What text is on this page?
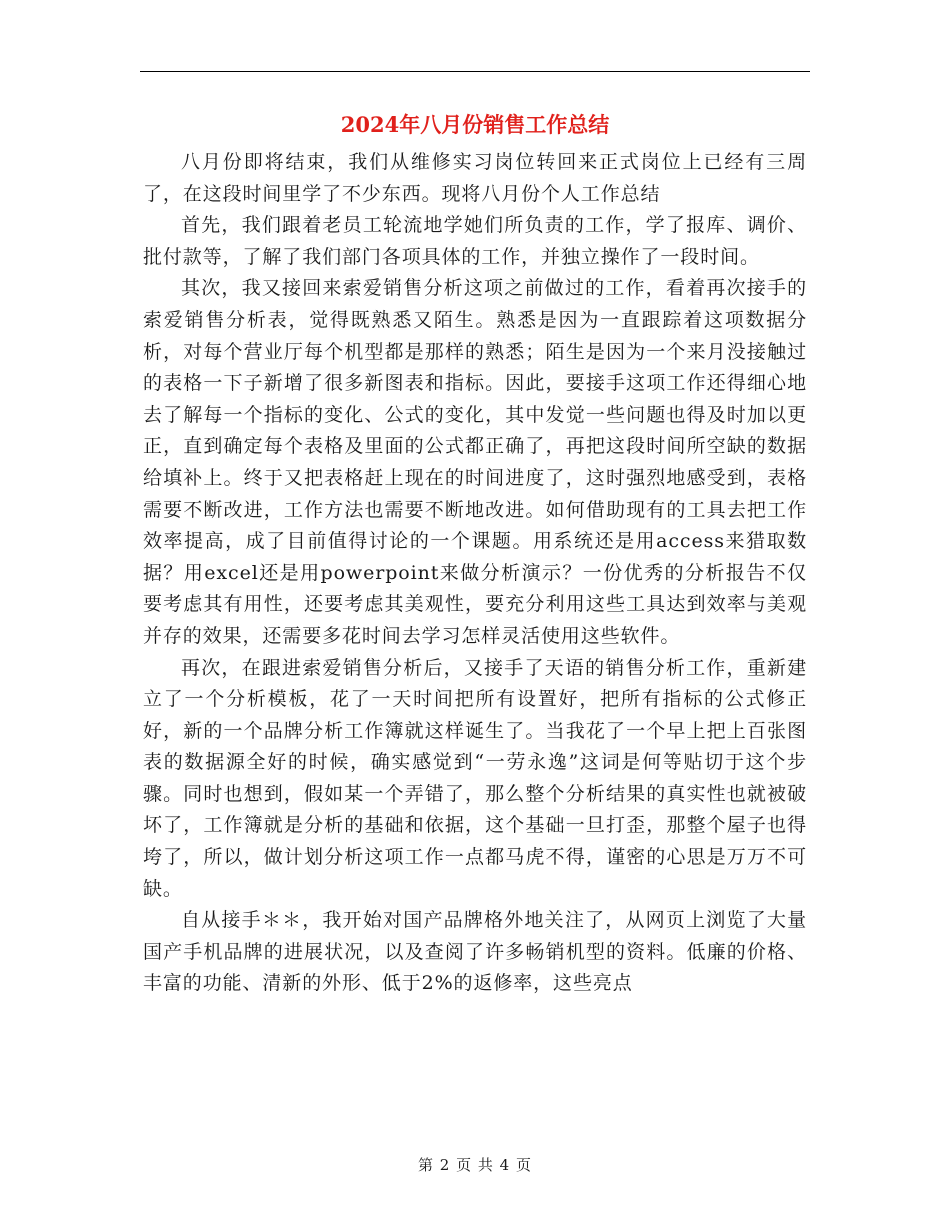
2024年八月份销售工作总结

八月份即将结束，我们从维修实习岗位转回来正式岗位上已经有三周了，在这段时间里学了不少东西。现将八月份个人工作总结

首先，我们跟着老员工轮流地学她们所负责的工作，学了报库、调价、批付款等，了解了我们部门各项具体的工作，并独立操作了一段时间。

其次，我又接回来索爱销售分析这项之前做过的工作，看着再次接手的索爱销售分析表，觉得既熟悉又陌生。熟悉是因为一直跟踪着这项数据分析，对每个营业厅每个机型都是那样的熟悉；陌生是因为一个来月没接触过的表格一下子新增了很多新图表和指标。因此，要接手这项工作还得细心地去了解每一个指标的变化、公式的变化，其中发觉一些问题也得及时加以更正，直到确定每个表格及里面的公式都正确了，再把这段时间所空缺的数据给填补上。终于又把表格赶上现在的时间进度了，这时强烈地感受到，表格需要不断改进，工作方法也需要不断地改进。如何借助现有的工具去把工作效率提高，成了目前值得讨论的一个课题。用系统还是用access来猎取数据？用excel还是用powerpoint来做分析演示？一份优秀的分析报告不仅要考虑其有用性，还要考虑其美观性，要充分利用这些工具达到效率与美观并存的效果，还需要多花时间去学习怎样灵活使用这些软件。

再次，在跟进索爱销售分析后，又接手了天语的销售分析工作，重新建立了一个分析模板，花了一天时间把所有设置好，把所有指标的公式修正好，新的一个品牌分析工作簿就这样诞生了。当我花了一个早上把上百张图表的数据源全好的时候，确实感觉到“一劳永逸”这词是何等贴切于这个步骤。同时也想到，假如某一个弄错了，那么整个分析结果的真实性也就被破坏了，工作簿就是分析的基础和依据，这个基础一旦打歪，那整个屋子也得垮了，所以，做计划分析这项工作一点都马虎不得，谨密的心思是万万不可缺。

自从接手＊＊，我开始对国产品牌格外地关注了，从网页上浏览了大量国产手机品牌的进展状况，以及查阅了许多畅销机型的资料。低廉的价格、丰富的功能、清新的外形、低于2%的返修率，这些亮点

第 2 页 共 4 页
